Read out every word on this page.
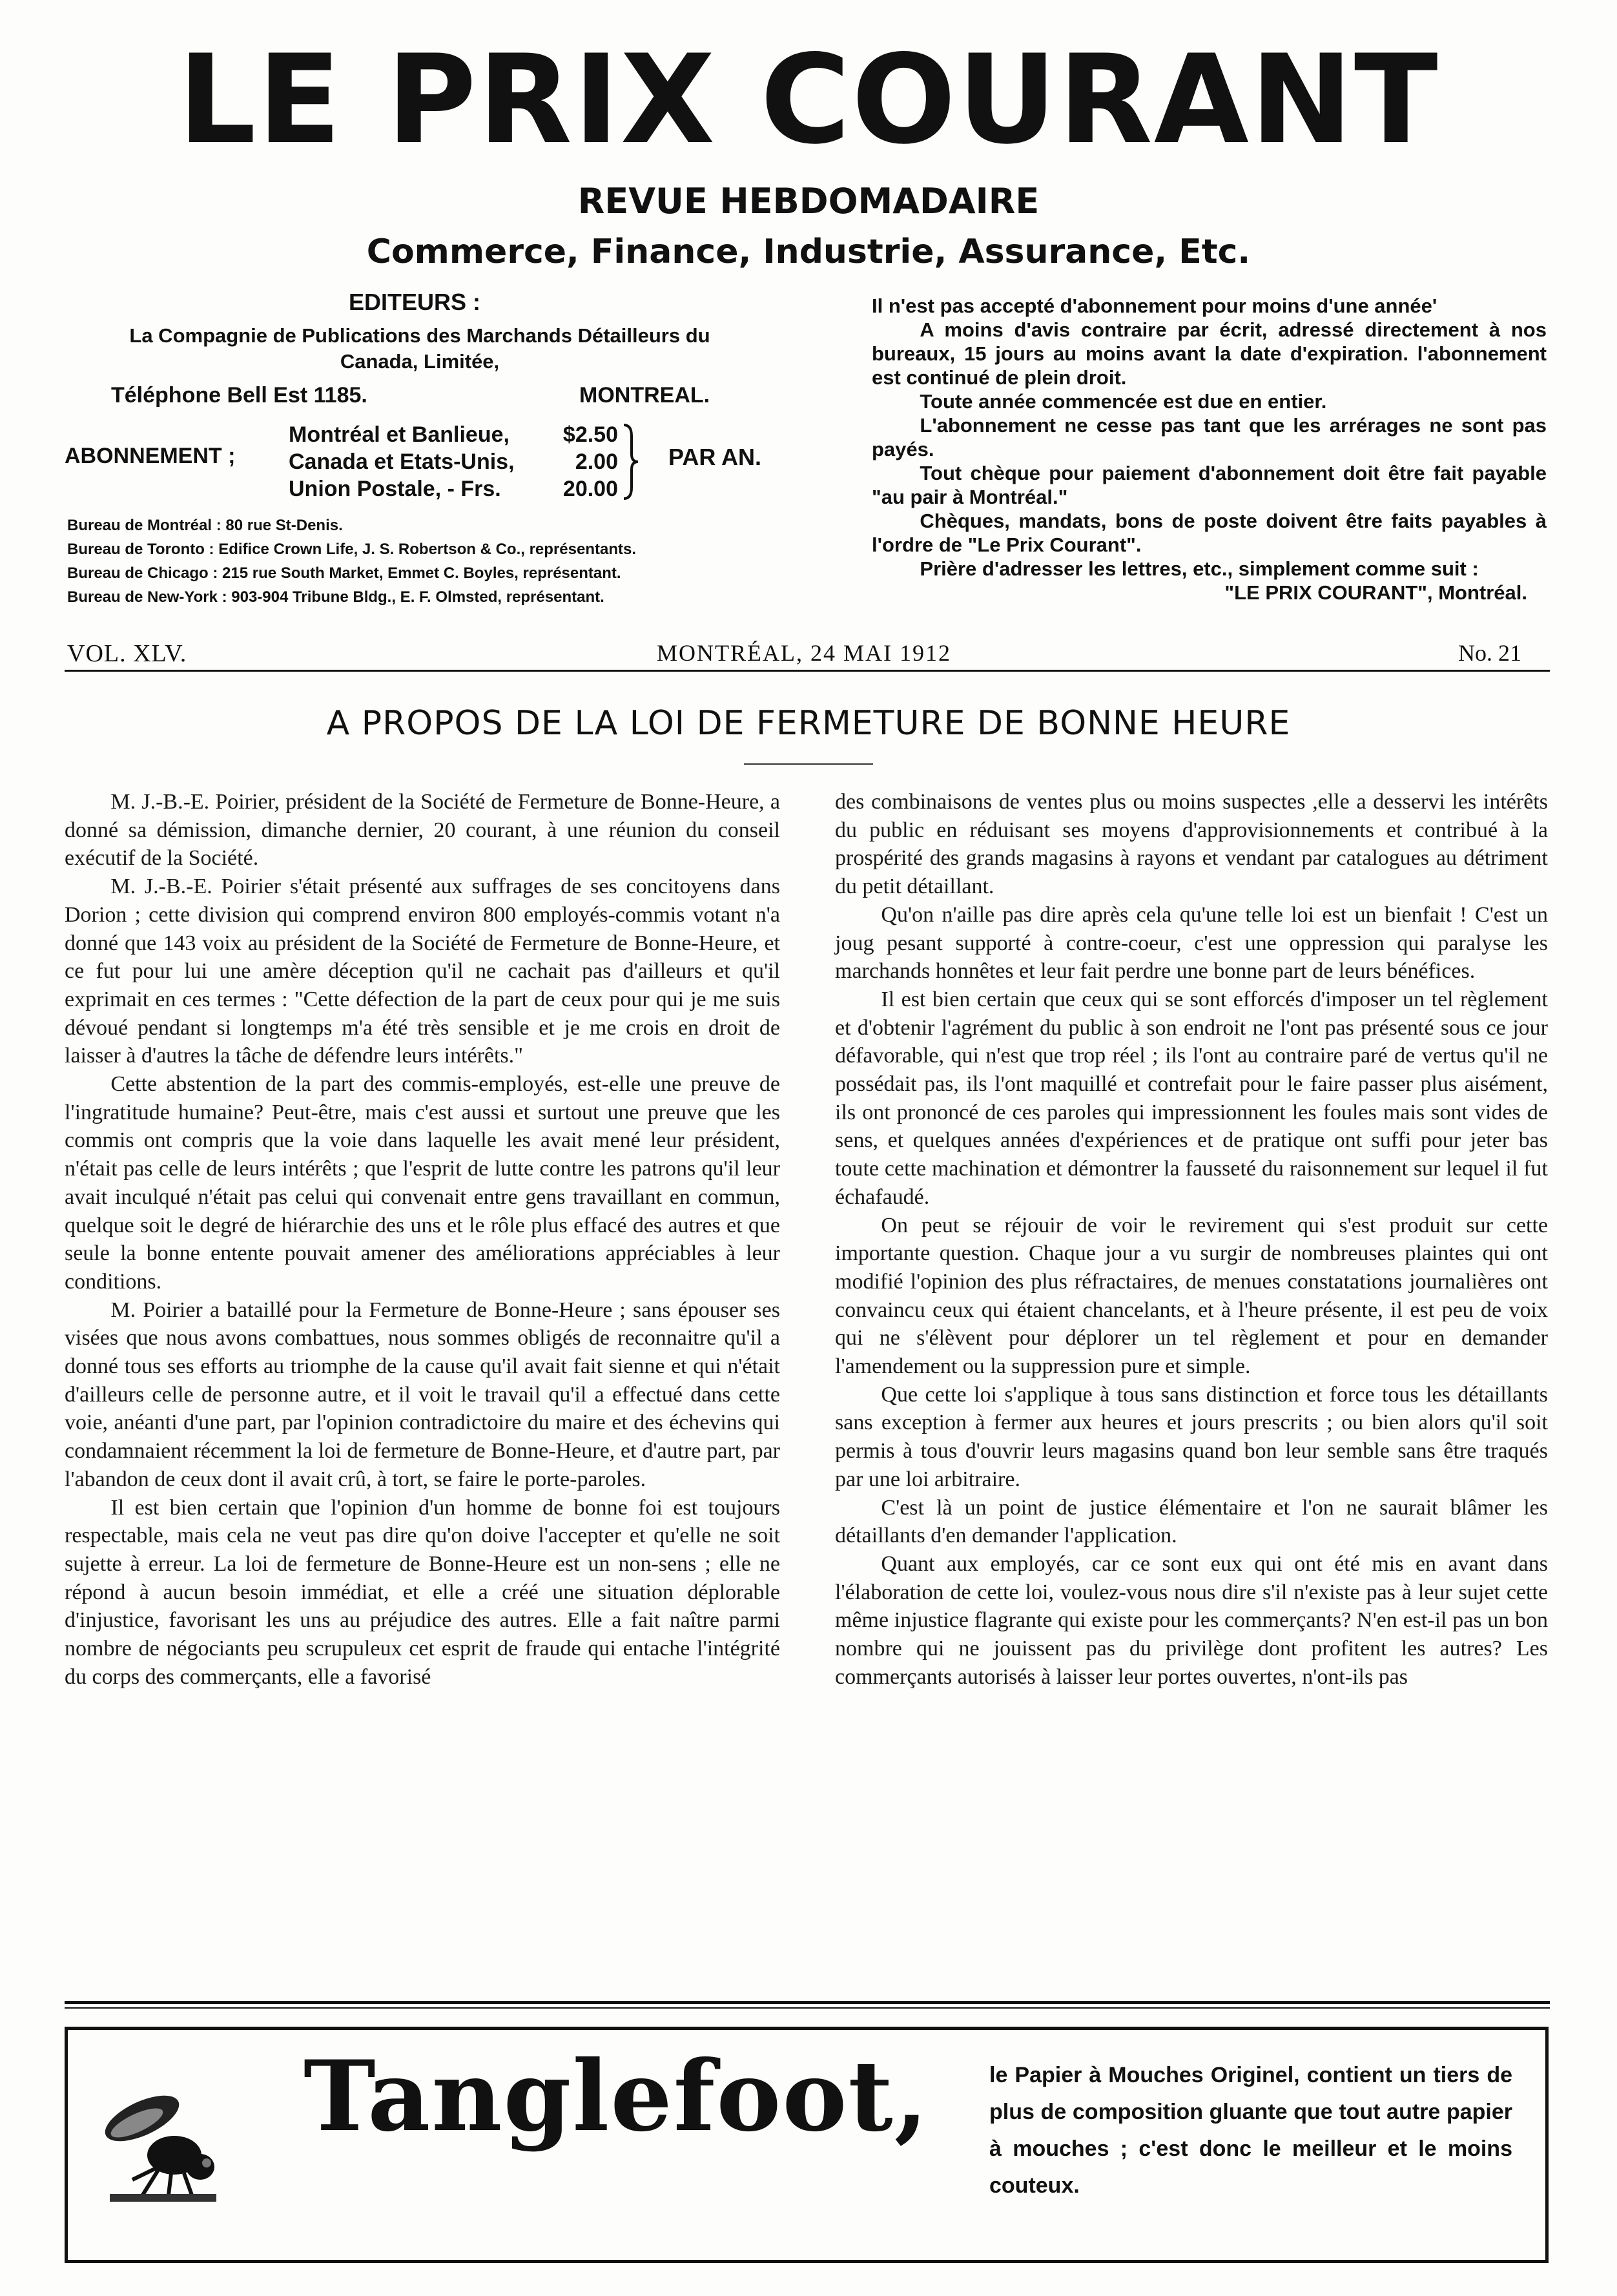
LE PRIX COURANT
REVUE HEBDOMADAIRE
Commerce, Finance, Industrie, Assurance, Etc.
EDITEURS :
La Compagnie de Publications des Marchands Détailleurs du
Canada, Limitée,
Téléphone Bell Est 1185.	MONTREAL.
ABONNEMENT ;
Montréal et Banlieue, $2.50
Canada et Etats-Unis,	2.00
Union Postale, - Frs.	20.00
PAR AN.
Bureau de Montréal : 80 rue St-Denis.
Bureau de Toronto : Edifice Crown Life, J. S. Robertson & Co., représentants.
Bureau de Chicago : 215 rue South Market, Emmet C. Boyles, représentant.
Bureau de New-York : 903-904 Tribune Bldg., E. F. Olmsted, représentant.

Il n'est pas accepté d'abonnement pour moins d'une année'

A moins d'avis contraire par écrit, adressé directement à nos bureaux, 15 jours au moins avant la date d'expiration. l'abonnement est continué de plein droit.

Toute année commencée est due en entier.

L'abonnement ne cesse pas tant que les arrérages ne sont pas payés.

Tout chèque pour paiement d'abonnement doit être fait payable "au pair à Montréal."

Chèques, mandats, bons de poste doivent être faits payables à l'ordre de "Le Prix Courant".

Prière d'adresser les lettres, etc., simplement comme suit :

"LE PRIX COURANT", Montréal.

VOL. XLV.	MONTRÉAL, 24 MAI 1912	No. 21
A PROPOS DE LA LOI DE FERMETURE DE BONNE HEURE

M. J.-B.-E. Poirier, président de la Société de Fermeture de Bonne-Heure, a donné sa démission, dimanche dernier, 20 courant, à une réunion du conseil exécutif de la Société.

M. J.-B.-E. Poirier s'était présenté aux suffrages de ses concitoyens dans Dorion ; cette division qui comprend environ 800 employés-commis votant n'a donné que 143 voix au président de la Société de Fermeture de Bonne-Heure, et ce fut pour lui une amère déception qu'il ne cachait pas d'ailleurs et qu'il exprimait en ces termes : "Cette défection de la part de ceux pour qui je me suis dévoué pendant si longtemps m'a été très sensible et je me crois en droit de laisser à d'autres la tâche de défendre leurs intérêts."

Cette abstention de la part des commis-employés, est-elle une preuve de l'ingratitude humaine? Peut-être, mais c'est aussi et surtout une preuve que les commis ont compris que la voie dans laquelle les avait mené leur président, n'était pas celle de leurs intérêts ; que l'esprit de lutte contre les patrons qu'il leur avait inculqué n'était pas celui qui convenait entre gens travaillant en commun, quelque soit le degré de hiérarchie des uns et le rôle plus effacé des autres et que seule la bonne entente pouvait amener des améliorations appréciables à leur conditions.

M. Poirier a bataillé pour la Fermeture de Bonne-Heure ; sans épouser ses visées que nous avons combattues, nous sommes obligés de reconnaitre qu'il a donné tous ses efforts au triomphe de la cause qu'il avait fait sienne et qui n'était d'ailleurs celle de personne autre, et il voit le travail qu'il a effectué dans cette voie, anéanti d'une part, par l'opinion contradictoire du maire et des échevins qui condamnaient récemment la loi de fermeture de Bonne-Heure, et d'autre part, par l'abandon de ceux dont il avait crû, à tort, se faire le porte-paroles.

Il est bien certain que l'opinion d'un homme de bonne foi est toujours respectable, mais cela ne veut pas dire qu'on doive l'accepter et qu'elle ne soit sujette à erreur. La loi de fermeture de Bonne-Heure est un non-sens ; elle ne répond à aucun besoin immédiat, et elle a créé une situation déplorable d'injustice, favorisant les uns au préjudice des autres. Elle a fait naître parmi nombre de négociants peu scrupuleux cet esprit de fraude qui entache l'intégrité du corps des commerçants, elle a favorisé

des combinaisons de ventes plus ou moins suspectes ,elle a desservi les intérêts du public en réduisant ses moyens d'approvisionnements et contribué à la prospérité des grands magasins à rayons et vendant par catalogues au détriment du petit détaillant.

Qu'on n'aille pas dire après cela qu'une telle loi est un bienfait ! C'est un joug pesant supporté à contre-coeur, c'est une oppression qui paralyse les marchands honnêtes et leur fait perdre une bonne part de leurs bénéfices.

Il est bien certain que ceux qui se sont efforcés d'imposer un tel règlement et d'obtenir l'agrément du public à son endroit ne l'ont pas présenté sous ce jour défavorable, qui n'est que trop réel ; ils l'ont au contraire paré de vertus qu'il ne possédait pas, ils l'ont maquillé et contrefait pour le faire passer plus aisément, ils ont prononcé de ces paroles qui impressionnent les foules mais sont vides de sens, et quelques années d'expériences et de pratique ont suffi pour jeter bas toute cette machination et démontrer la fausseté du raisonnement sur lequel il fut échafaudé.

On peut se réjouir de voir le revirement qui s'est produit sur cette importante question. Chaque jour a vu surgir de nombreuses plaintes qui ont modifié l'opinion des plus réfractaires, de menues constatations journalières ont convaincu ceux qui étaient chancelants, et à l'heure présente, il est peu de voix qui ne s'élèvent pour déplorer un tel règlement et pour en demander l'amendement ou la suppression pure et simple.

Que cette loi s'applique à tous sans distinction et force tous les détaillants sans exception à fermer aux heures et jours prescrits ; ou bien alors qu'il soit permis à tous d'ouvrir leurs magasins quand bon leur semble sans être traqués par une loi arbitraire.

C'est là un point de justice élémentaire et l'on ne saurait blâmer les détaillants d'en demander l'application.

Quant aux employés, car ce sont eux qui ont été mis en avant dans l'élaboration de cette loi, voulez-vous nous dire s'il n'existe pas à leur sujet cette même injustice flagrante qui existe pour les commerçants? N'en est-il pas un bon nombre qui ne jouissent pas du privilège dont profitent les autres? Les commerçants autorisés à laisser leur portes ouvertes, n'ont-ils pas

Tanglefoot,	le Papier à Mouches Originel, contient un tiers de plus de composition gluante que tout autre papier à mouches ; c'est donc le meilleur et le moins couteux.
